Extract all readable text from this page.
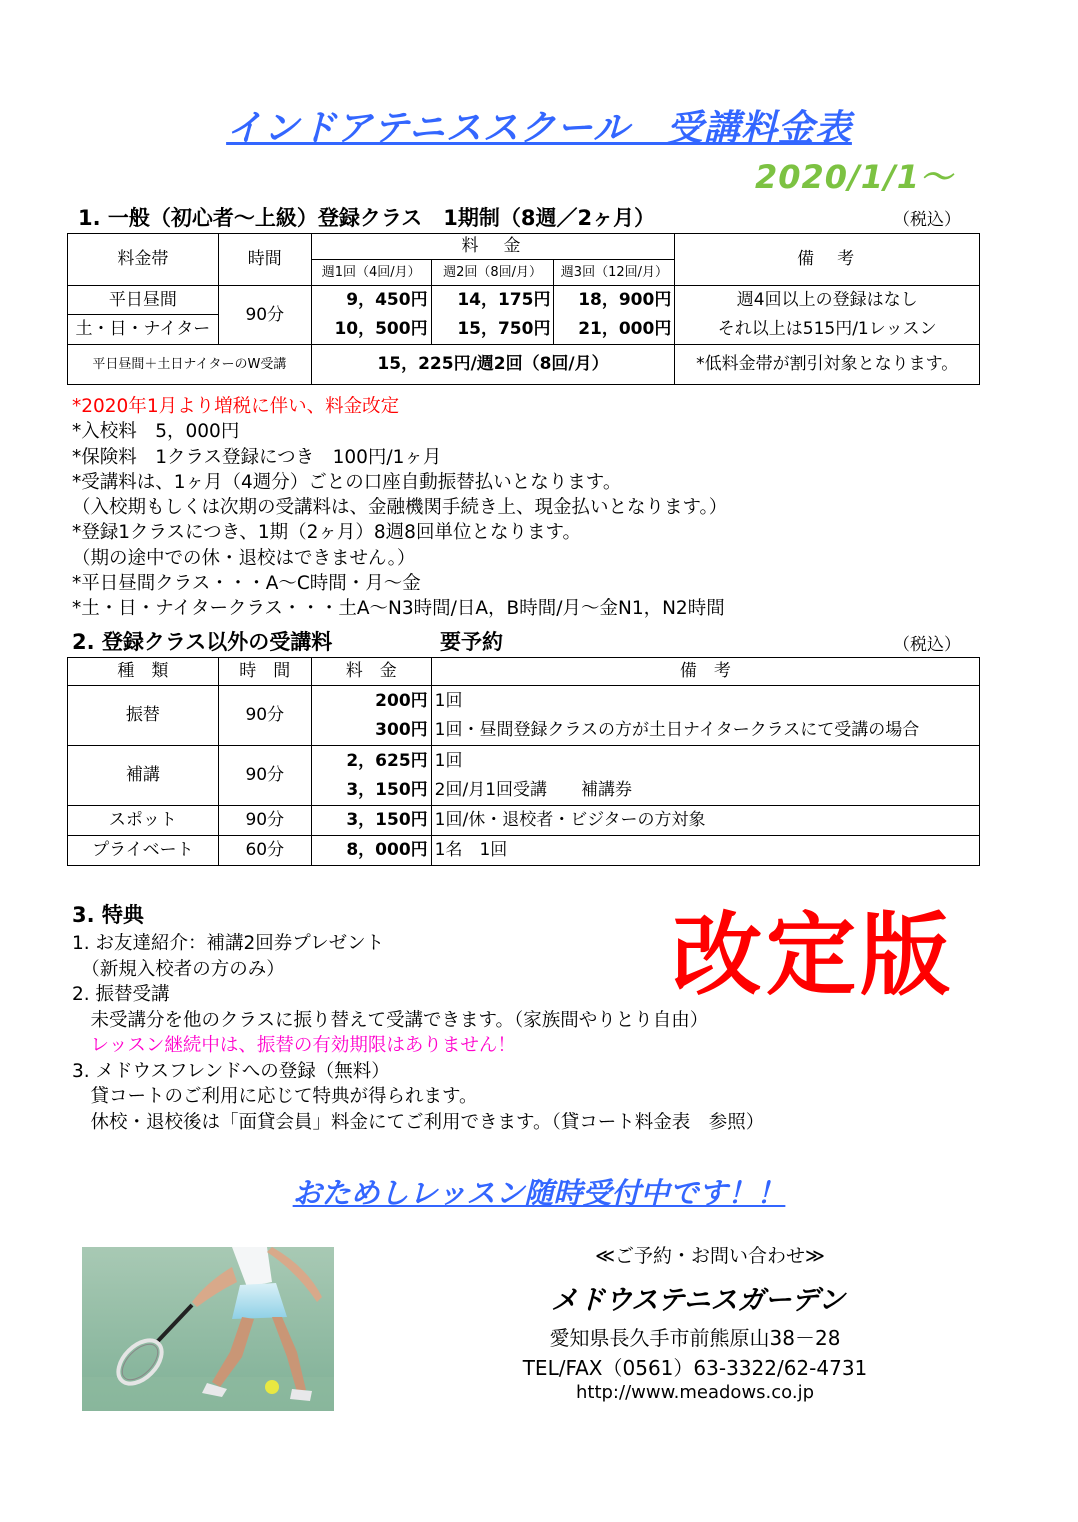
インドアテニススクール　受講料金表
2020/1/1～
1. 一般（初心者～上級）登録クラス　1期制（8週／2ヶ月）	（税込）
料金帯	時間	料　金			備　考
		週1回（4回/月）	週2回（8回/月）	週3回（12回/月）	
平日昼間	90分	9，450円	14，175円	18，900円	週4回以上の登録はなし
土・日・ナイター		10，500円	15，750円	21，000円	それ以上は515円/1レッスン
平日昼間＋土日ナイターのW受講		15，225円/週2回（8回/月）			*低料金帯が割引対象となります。
*2020年1月より増税に伴い、料金改定
*入校料　5，000円
*保険料　1クラス登録につき　100円/1ヶ月
*受講料は、1ヶ月（4週分）ごとの口座自動振替払いとなります。
（入校期もしくは次期の受講料は、金融機関手続き上、現金払いとなります。）
*登録1クラスにつき、1期（2ヶ月）8週8回単位となります。
（期の途中での休・退校はできません。）
*平日昼間クラス・・・A～C時間・月～金
*土・日・ナイタークラス・・・土A～N3時間/日A，B時間/月～金N1，N2時間
2. 登録クラス以外の受講料	要予約	（税込）
種　類	時　間	料　金	備　考
振替	90分	200円	1回
		300円	1回・昼間登録クラスの方が土日ナイタークラスにて受講の場合
補講	90分	2，625円	1回
		3，150円	2回/月1回受講　　補講券
スポット	90分	3，150円	1回/休・退校者・ビジターの方対象
プライベート	60分	8，000円	1名　1回
3. 特典
1. お友達紹介：補講2回券プレゼント
　（新規入校者の方のみ）
2. 振替受講
　未受講分を他のクラスに振り替えて受講できます。（家族間やりとり自由）
　レッスン継続中は、振替の有効期限はありません！
3. メドウスフレンドへの登録（無料）
　貸コートのご利用に応じて特典が得られます。
　休校・退校後は「面貸会員」料金にてご利用できます。（貸コート料金表　参照）
改定版
おためしレッスン随時受付中です！！
≪ご予約・お問い合わせ≫
メドウステニスガーデン
愛知県長久手市前熊原山38－28
TEL/FAX（0561）63-3322/62-4731
http://www.meadows.co.jp
